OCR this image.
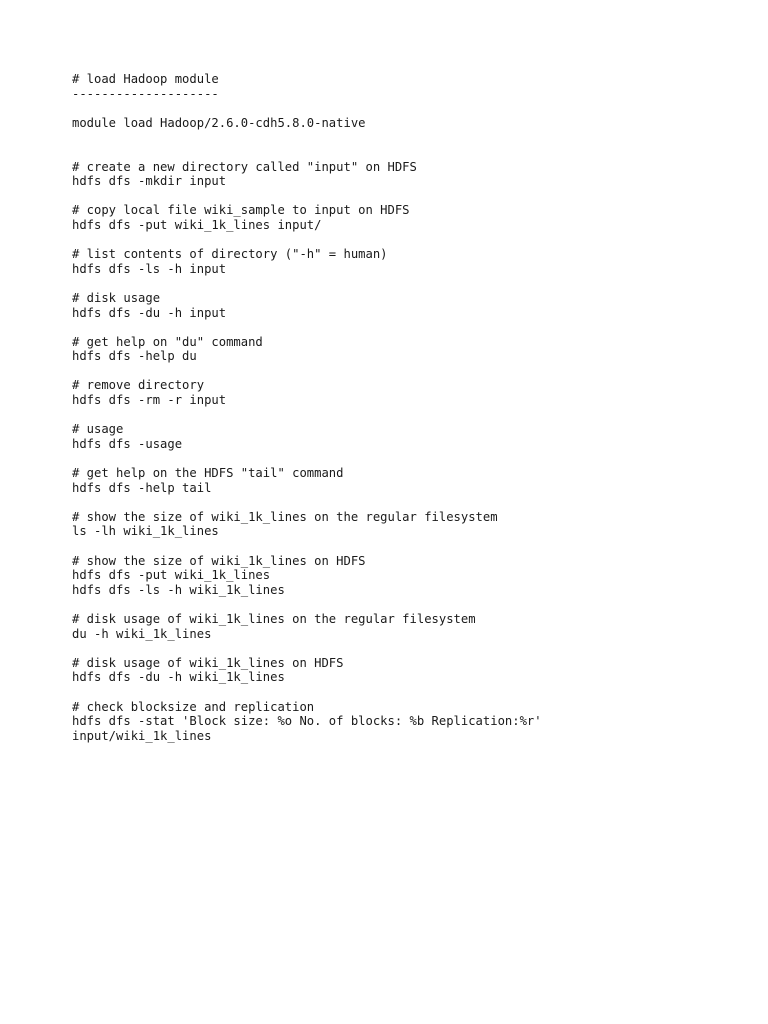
# load Hadoop module
--------------------
module load Hadoop/2.6.0-cdh5.8.0-native
# create a new directory called "input" on HDFS
hdfs dfs -mkdir input
# copy local file wiki_sample to input on HDFS
hdfs dfs -put wiki_1k_lines input/
# list contents of directory ("-h" = human)
hdfs dfs -ls -h input
# disk usage
hdfs dfs -du -h input
# get help on "du" command
hdfs dfs -help du
# remove directory
hdfs dfs -rm -r input
# usage
hdfs dfs -usage
# get help on the HDFS "tail" command
hdfs dfs -help tail
# show the size of wiki_1k_lines on the regular filesystem
ls -lh wiki_1k_lines
# show the size of wiki_1k_lines on HDFS
hdfs dfs -put wiki_1k_lines
hdfs dfs -ls -h wiki_1k_lines
# disk usage of wiki_1k_lines on the regular filesystem
du -h wiki_1k_lines
# disk usage of wiki_1k_lines on HDFS
hdfs dfs -du -h wiki_1k_lines
# check blocksize and replication
hdfs dfs -stat 'Block size: %o No. of blocks: %b Replication:%r'
input/wiki_1k_lines
